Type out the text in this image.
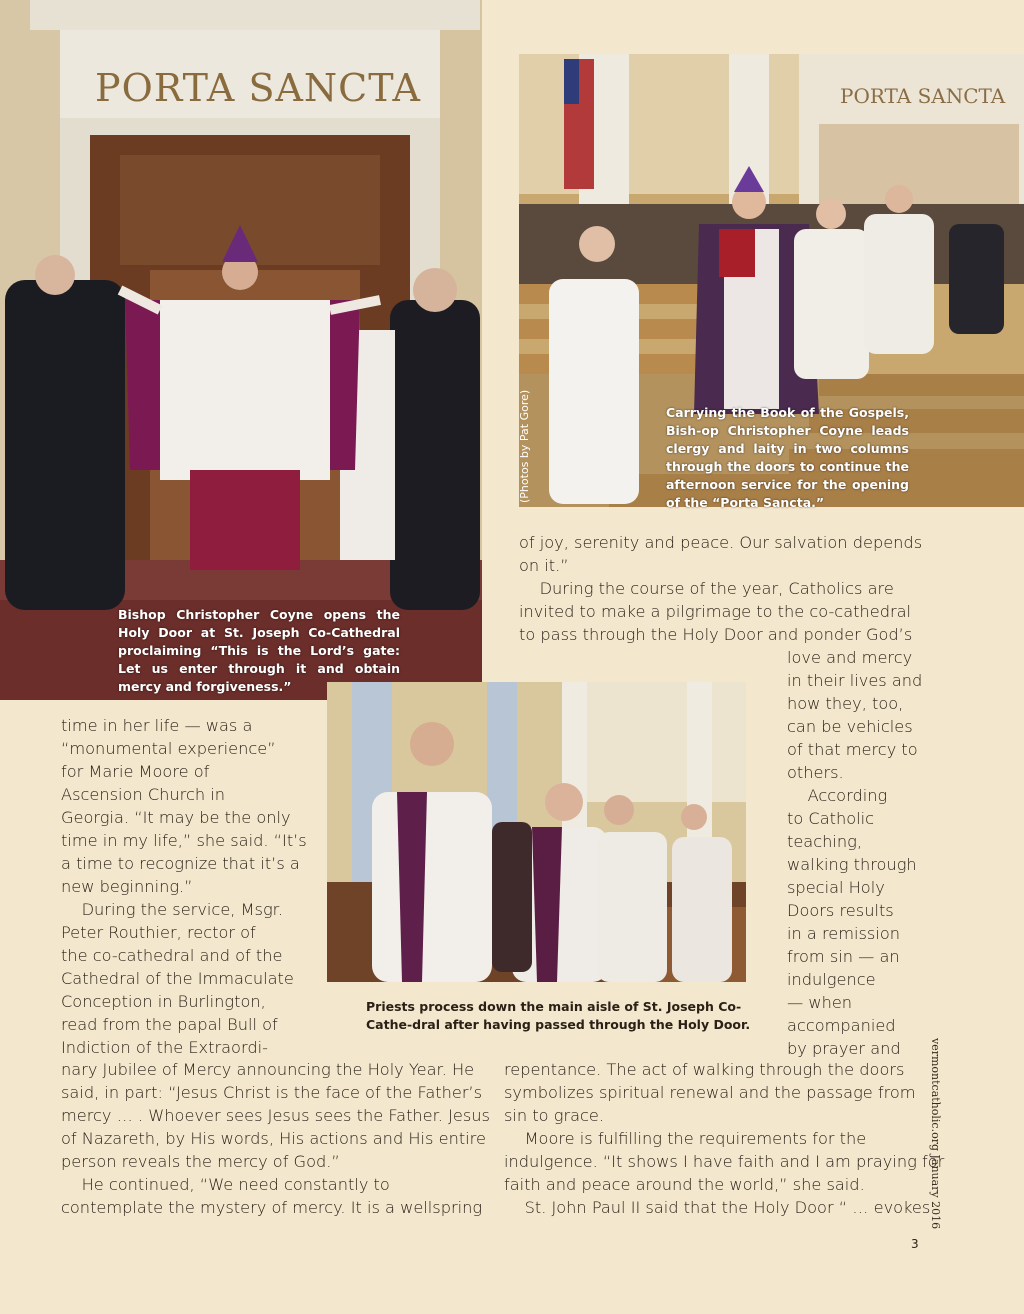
PORTA SANCTA
Bishop Christopher Coyne opens the Holy Door at St. Joseph Co-Cathedral proclaiming “This is the Lord’s gate: Let us enter through it and obtain mercy and forgiveness.”
PORTA SANCTA
(Photos by Pat Gore)	Carrying the Book of the Gospels, Bish-op Christopher Coyne leads clergy and laity in two columns through the doors to continue the afternoon service for the opening of the “Porta Sancta.”
Priests process down the main aisle of St. Joseph Co-Cathe-dral after having passed through the Holy Door.
of joy, serenity and peace. Our salvation depends
on it.”
During the course of the year, Catholics are
invited to make a pilgrimage to the co-cathedral
to pass through the Holy Door and ponder God’s
love and mercy
in their lives and
how they, too,
can be vehicles
of that mercy to
others.
According
to Catholic
teaching,
walking through
special Holy
Doors results
in a remission
from sin — an
indulgence
— when
accompanied
by prayer and
time in her life — was a
“monumental experience”
for Marie Moore of
Ascension Church in
Georgia. “It may be the only
time in my life,” she said. “It’s
a time to recognize that it’s a
new beginning.”
During the service, Msgr.
Peter Routhier, rector of
the co-cathedral and of the
Cathedral of the Immaculate
Conception in Burlington,
read from the papal Bull of
Indiction of the Extraordi-
nary Jubilee of Mercy announcing the Holy Year. He
said, in part: “Jesus Christ is the face of the Father’s
mercy … . Whoever sees Jesus sees the Father. Jesus
of Nazareth, by His words, His actions and His entire
person reveals the mercy of God.”
He continued, “We need constantly to
contemplate the mystery of mercy. It is a wellspring
repentance. The act of walking through the doors
symbolizes spiritual renewal and the passage from
sin to grace.
Moore is fulfilling the requirements for the
indulgence. “It shows I have faith and I am praying for
faith and peace around the world,” she said.
St. John Paul II said that the Holy Door “ … evokes
vermontcatholic.org January 2016
3
